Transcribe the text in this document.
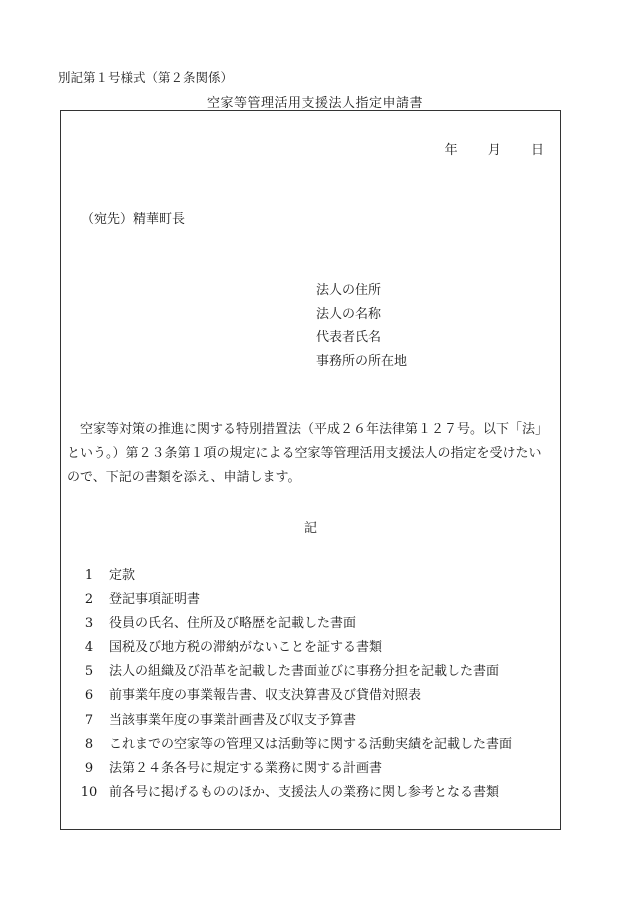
別記第１号様式（第２条関係）
空家等管理活用支援法人指定申請書
年 月 日
（宛先）精華町長
法人の住所
法人の名称
代表者氏名
事務所の所在地
　空家等対策の推進に関する特別措置法（平成２６年法律第１２７号。以下「法」
という。）第２３条第１項の規定による空家等管理活用支援法人の指定を受けたい
ので、下記の書類を添え、申請します。
記
1	定款
2	登記事項証明書
3	役員の氏名、住所及び略歴を記載した書面
4	国税及び地方税の滞納がないことを証する書類
5	法人の組織及び沿革を記載した書面並びに事務分担を記載した書面
6	前事業年度の事業報告書、収支決算書及び貸借対照表
7	当該事業年度の事業計画書及び収支予算書
8	これまでの空家等の管理又は活動等に関する活動実績を記載した書面
9	法第２４条各号に規定する業務に関する計画書
10 前各号に掲げるもののほか、支援法人の業務に関し参考となる書類
